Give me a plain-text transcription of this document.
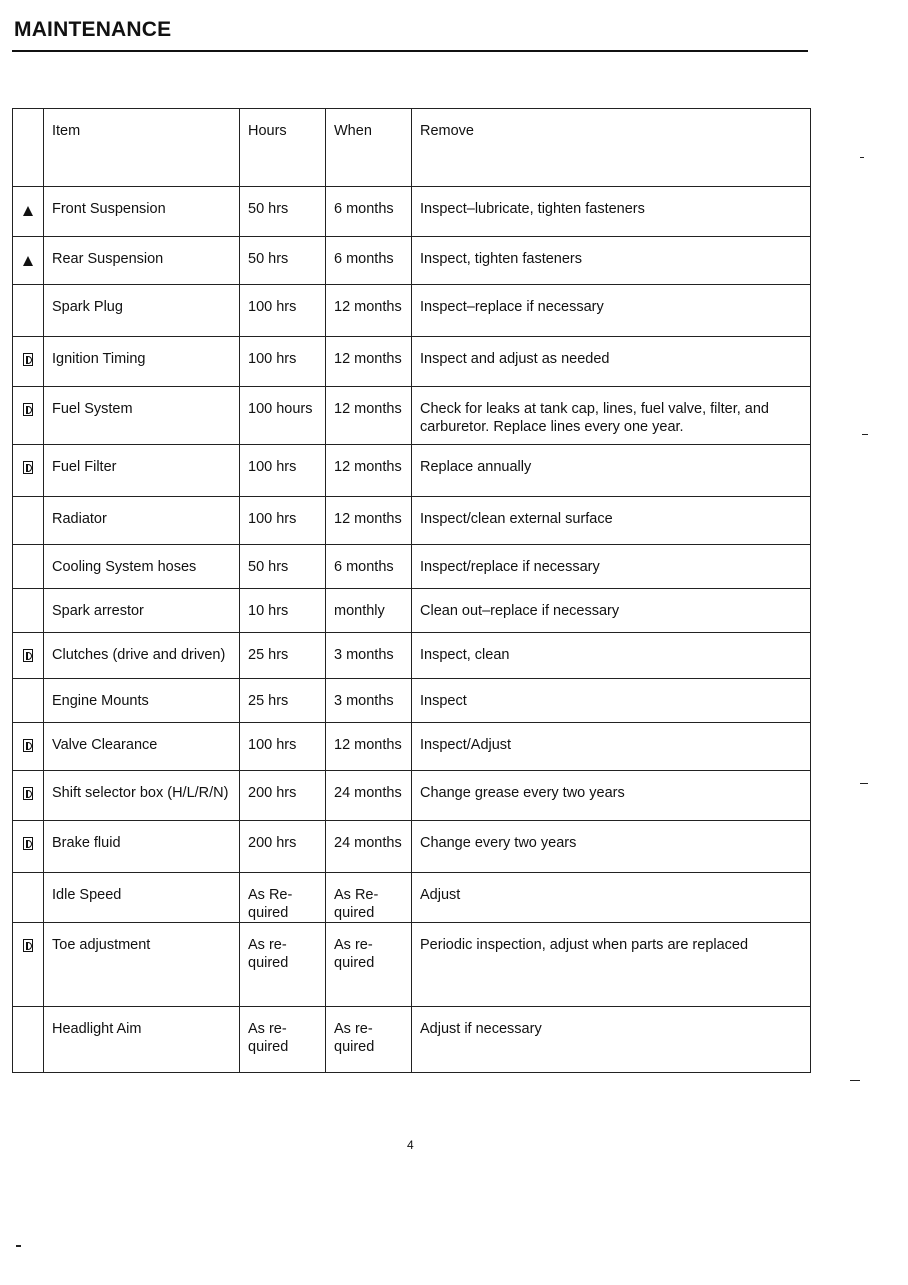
MAINTENANCE
	Item	Hours	When	Remove
	Front Suspension	50 hrs	6 months	Inspect–lubricate, tighten fasteners
	Rear Suspension	50 hrs	6 months	Inspect, tighten fasteners
	Spark Plug	100 hrs	12 months	Inspect–replace if necessary
	Ignition Timing	100 hrs	12 months	Inspect and adjust as needed
	Fuel System	100 hours	12 months	Check for leaks at tank cap, lines, fuel valve, filter, and carburetor. Replace lines every one year.
	Fuel Filter	100 hrs	12 months	Replace annually
	Radiator	100 hrs	12 months	Inspect/clean external surface
	Cooling System hoses	50 hrs	6 months	Inspect/replace if necessary
	Spark arrestor	10 hrs	monthly	Clean out–replace if necessary
	Clutches (drive and driven)	25 hrs	3 months	Inspect, clean
	Engine Mounts	25 hrs	3 months	Inspect
	Valve Clearance	100 hrs	12 months	Inspect/Adjust
	Shift selector box (H/L/R/N)	200 hrs	24 months	Change grease every two years
	Brake fluid	200 hrs	24 months	Change every two years
	Idle Speed	As Re- quired	As Re- quired	Adjust
	Toe adjustment	As re- quired	As re- quired	Periodic inspection, adjust when parts are replaced
	Headlight Aim	As re- quired	As re- quired	Adjust if necessary
4
